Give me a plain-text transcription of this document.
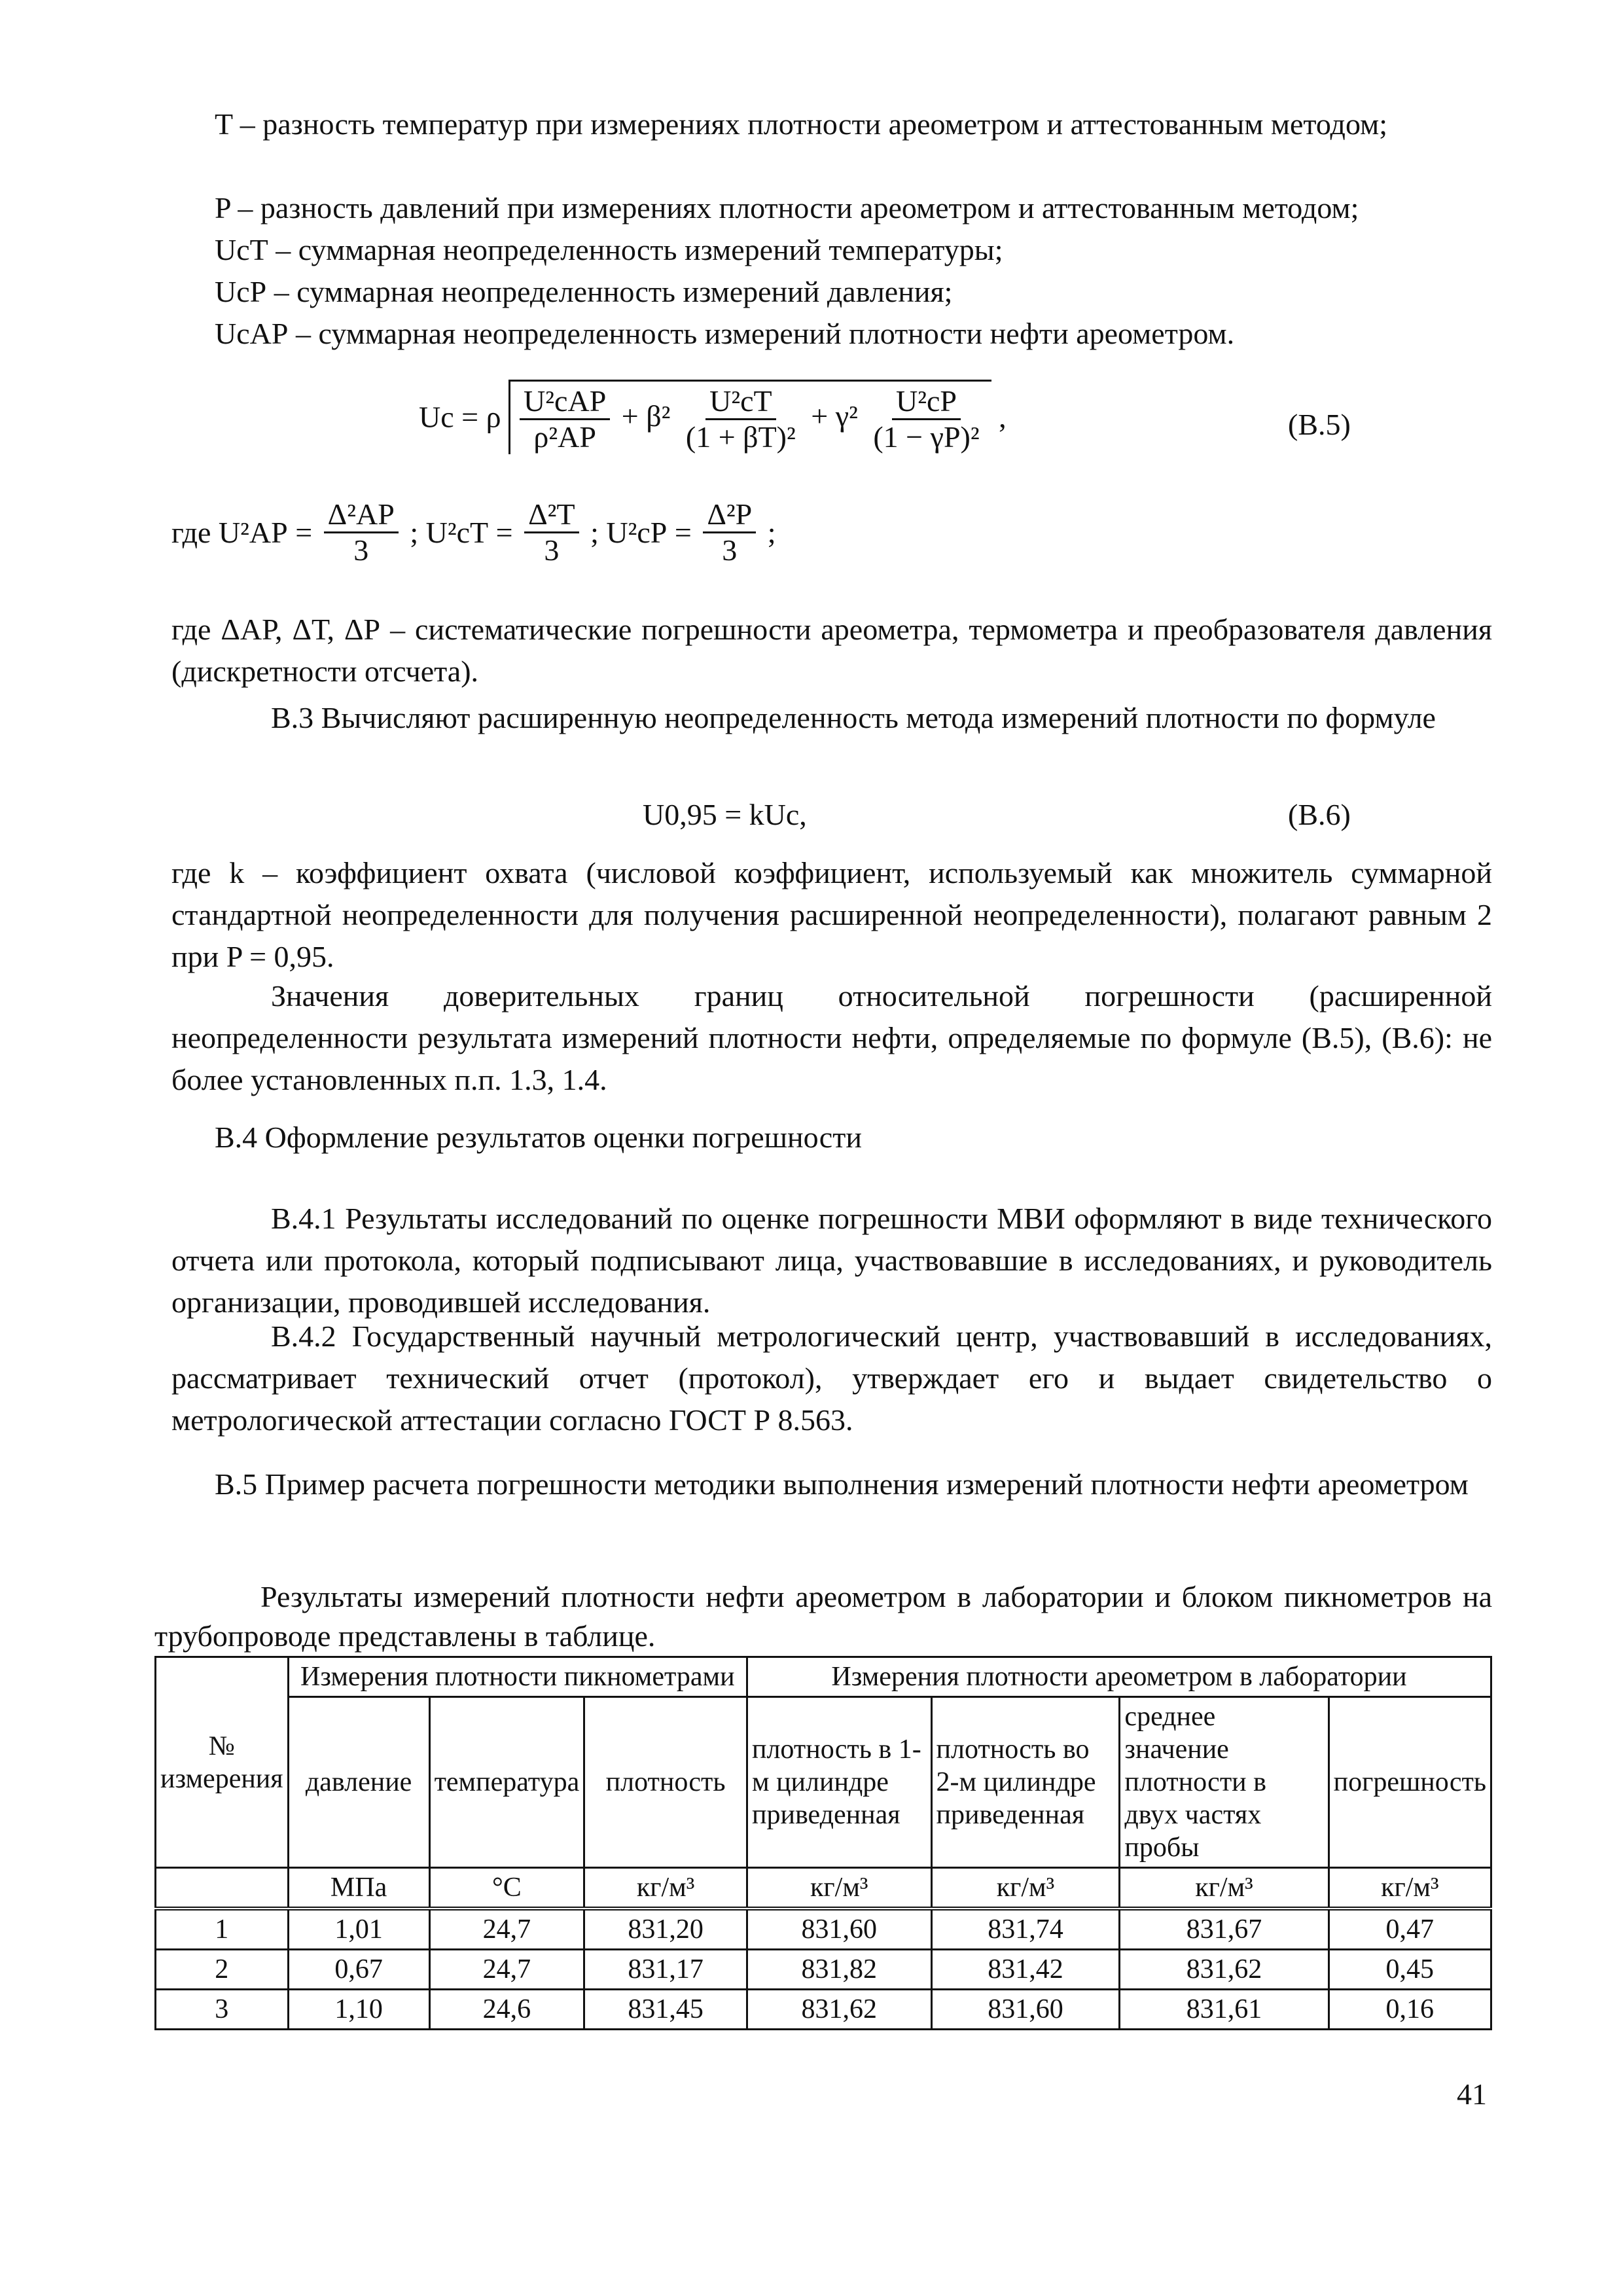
T – разность температур при измерениях плотности ареометром и аттестованным методом;

P – разность давлений при измерениях плотности ареометром и аттестованным методом;

UсТ – суммарная неопределенность измерений температуры;

UсР – суммарная неопределенность измерений давления;

UсАР – суммарная неопределенность измерений плотности нефти ареометром.

Uс = ρ $\frac{\text{U²сАР}}{\text{ρ²АР}} + \beta^2 \frac{\text{U²сТ}}{\text{(1 + βT)²}} + \gamma^2 \frac{\text{U²сР}}{\text{(1 − γP)²}}$ ,	(В.5)
где $U^2АР = \frac{\text{Δ²АР}}{3}$ ; $U^2сТ = \frac{\text{Δ²Т}}{3}$ ; $U^2сР = \frac{\text{Δ²Р}}{3}$ ;

где ΔАР, ΔТ, ΔР – систематические погрешности ареометра, термометра и преобразователя давления (дискретности отсчета).

В.3 Вычисляют расширенную неопределенность метода измерений плотности по формуле

U0,95 = kUс,	(В.6)

где k – коэффициент охвата (числовой коэффициент, используемый как множитель суммарной стандартной неопределенности для получения расширенной неопределенности), полагают равным 2 при P = 0,95.

Значения доверительных границ относительной погрешности (расширенной неопределенности результата измерений плотности нефти, определяемые по формуле (В.5), (В.6): не более установленных п.п. 1.3, 1.4.

В.4 Оформление результатов оценки погрешности

В.4.1 Результаты исследований по оценке погрешности МВИ оформляют в виде технического отчета или протокола, который подписывают лица, участвовавшие в исследованиях, и руководитель организации, проводившей исследования.

В.4.2 Государственный научный метрологический центр, участвовавший в исследованиях, рассматривает технический отчет (протокол), утверждает его и выдает свидетельство о метрологической аттестации согласно ГОСТ Р 8.563.

В.5 Пример расчета погрешности методики выполнения измерений плотности нефти ареометром

Результаты измерений плотности нефти ареометром в лаборатории и блоком пикнометров на трубопроводе представлены в таблице.

№ измерения	Измерения плотности пикнометрами			Измерения плотности ареометром в лаборатории			
	давление	температура	плотность	плотность в 1-м цилиндре приведенная	плотность во 2-м цилиндре приведенная	среднее значение плотности в двух частях пробы	погрешность
	МПа	°С	кг/м³	кг/м³	кг/м³	кг/м³	кг/м³
1	1,01	24,7	831,20	831,60	831,74	831,67	0,47
2	0,67	24,7	831,17	831,82	831,42	831,62	0,45
3	1,10	24,6	831,45	831,62	831,60	831,61	0,16
41
